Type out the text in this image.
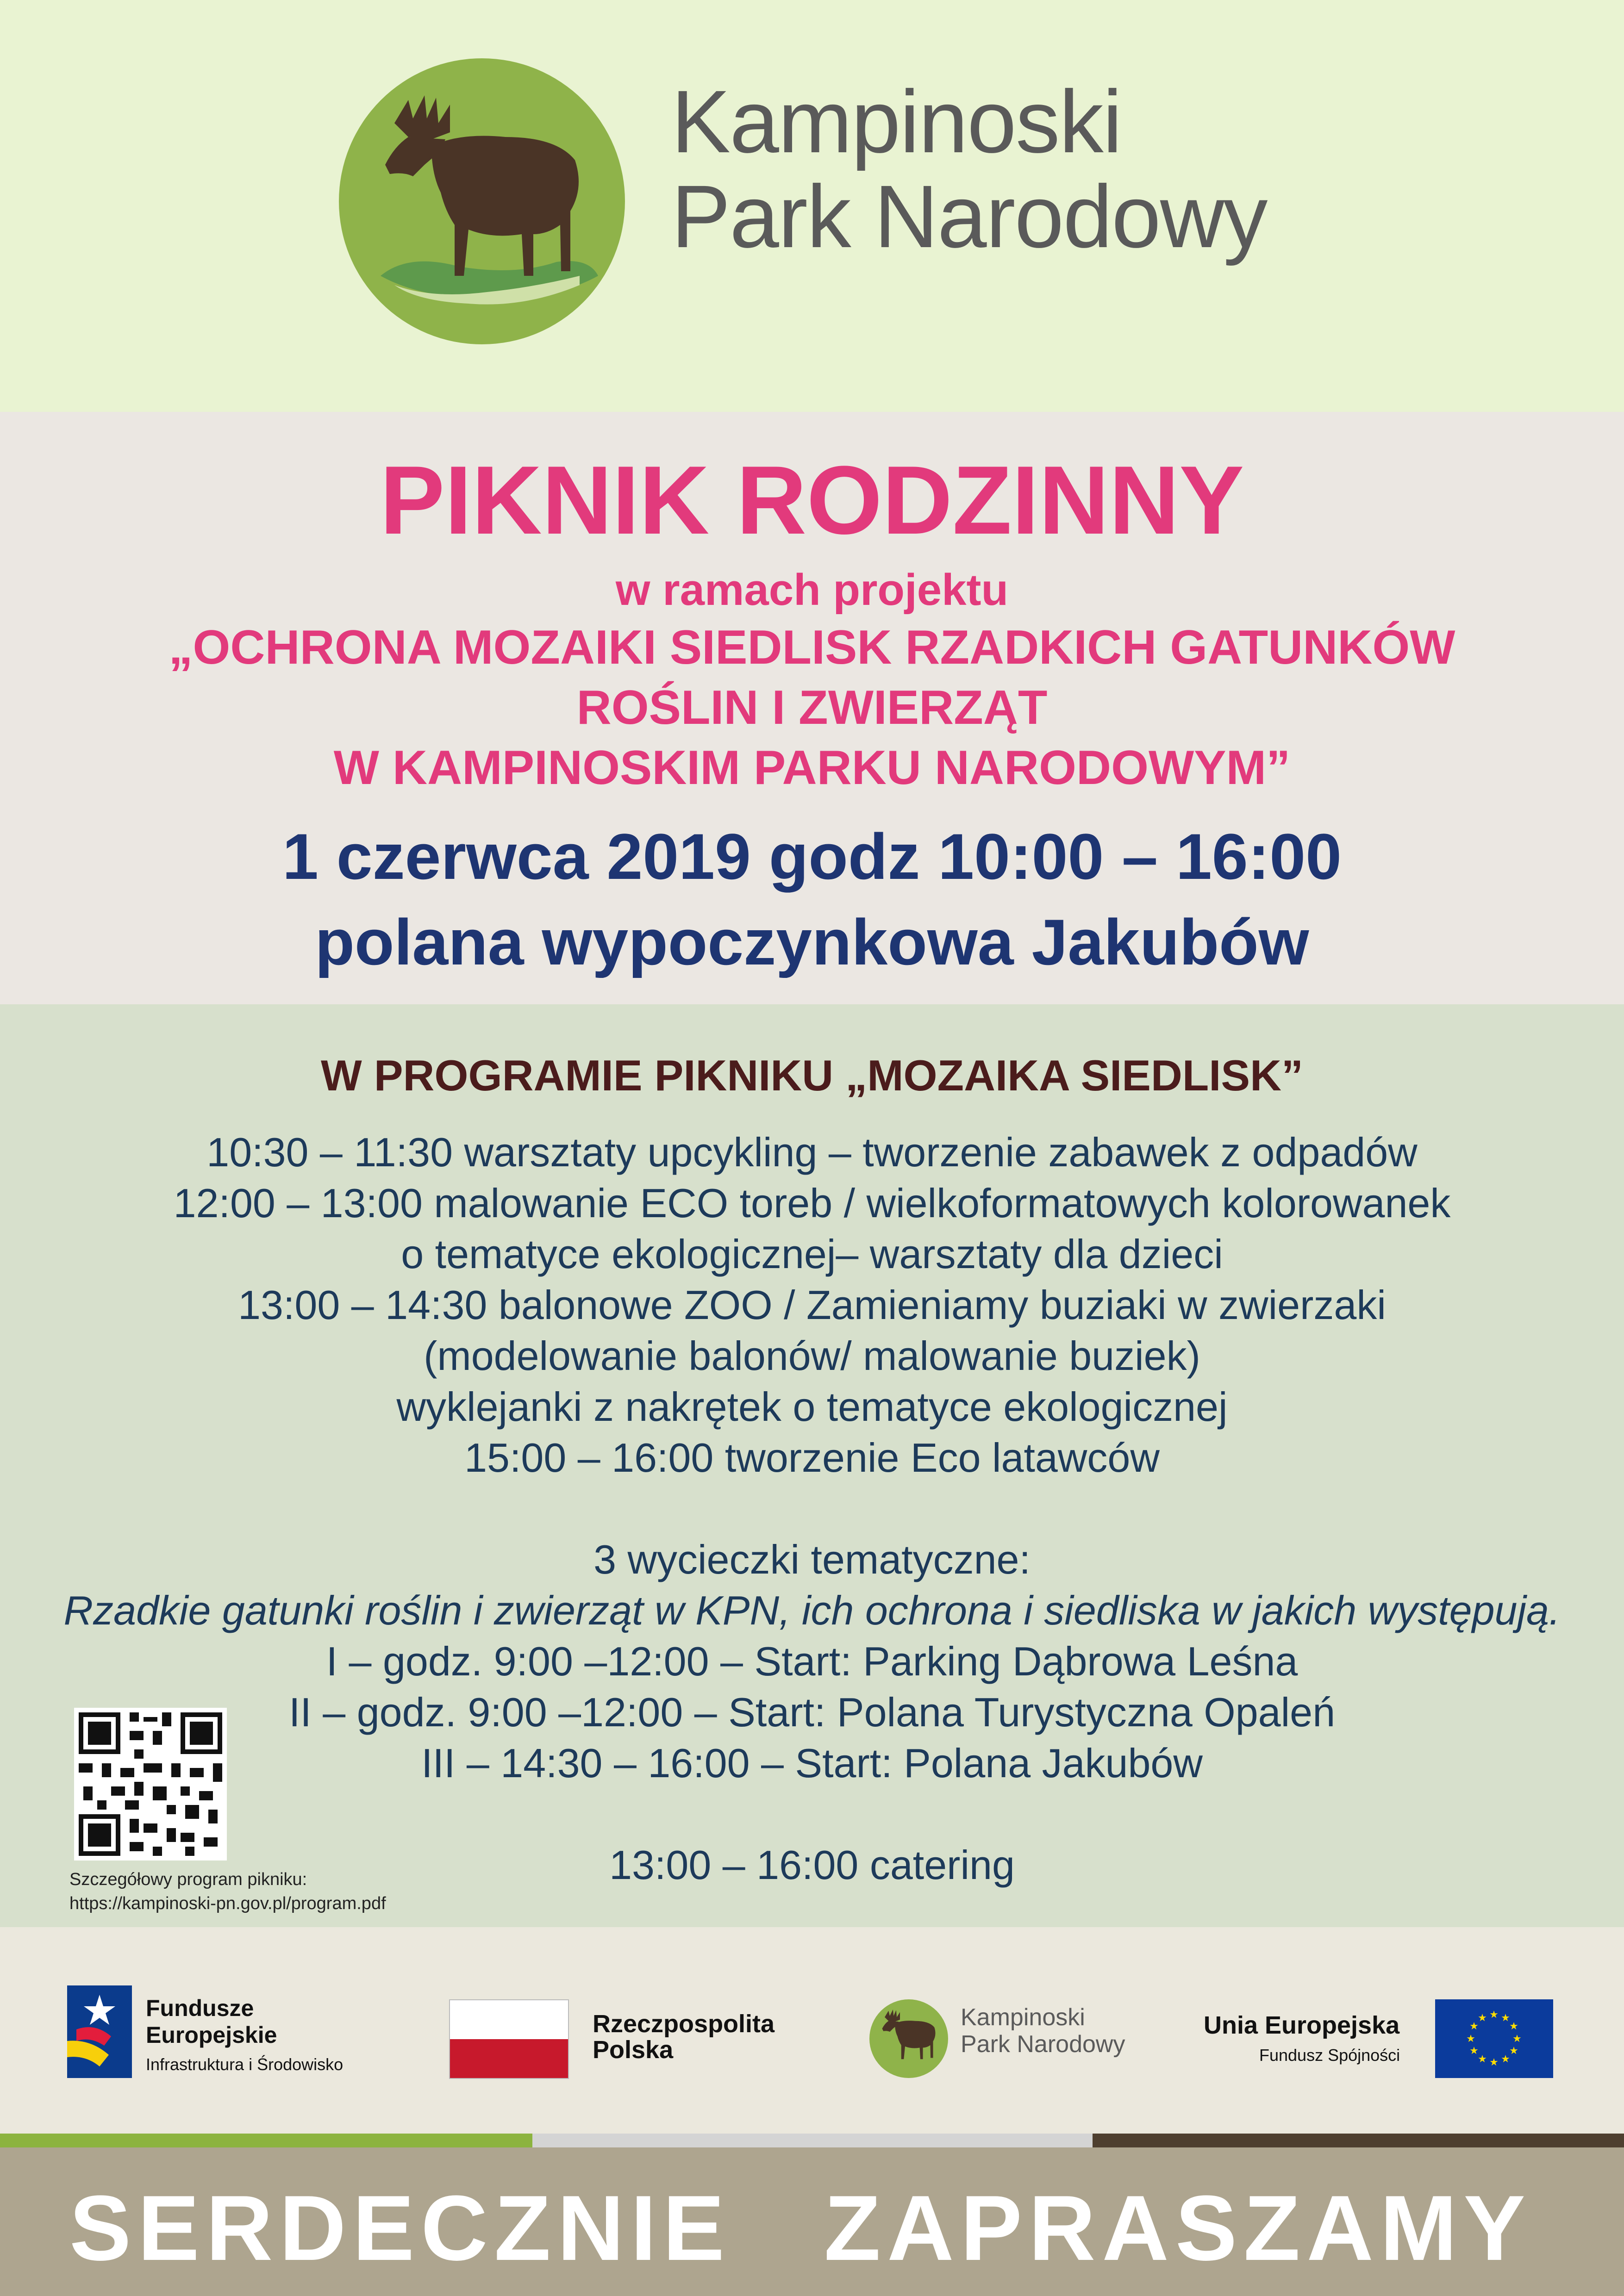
Kampinoski
Park Narodowy
PIKNIK RODZINNY
w ramach projektu
„OCHRONA MOZAIKI SIEDLISK RZADKICH GATUNKÓW
ROŚLIN I ZWIERZĄT
W KAMPINOSKIM PARKU NARODOWYM”
1 czerwca 2019 godz 10:00 – 16:00
polana wypoczynkowa Jakubów
W PROGRAMIE PIKNIKU „MOZAIKA SIEDLISK”
10:30 – 11:30 warsztaty upcykling – tworzenie zabawek z odpadów
12:00 – 13:00 malowanie ECO toreb / wielkoformatowych kolorowanek
o tematyce ekologicznej– warsztaty dla dzieci
13:00 – 14:30 balonowe ZOO / Zamieniamy buziaki w zwierzaki
(modelowanie balonów/ malowanie buziek)
wyklejanki z nakrętek o tematyce ekologicznej
15:00 – 16:00 tworzenie Eco latawców
3 wycieczki tematyczne:
Rzadkie gatunki roślin i zwierząt w KPN, ich ochrona i siedliska w jakich występują.
I – godz. 9:00 –12:00 – Start: Parking Dąbrowa Leśna
II – godz. 9:00 –12:00 – Start: Polana Turystyczna Opaleń
III – 14:30 – 16:00 – Start: Polana Jakubów
13:00 – 16:00 catering
Szczegółowy program pikniku:
https://kampinoski-pn.gov.pl/program.pdf
Fundusze
Europejskie
Infrastruktura i Środowisko
Rzeczpospolita
Polska
Kampinoski
Park Narodowy
Unia Europejska
Fundusz Spójności
★ ★
★
★
★
★
★
★
★
★
★
★
SERDECZNIE ZAPRASZAMY
